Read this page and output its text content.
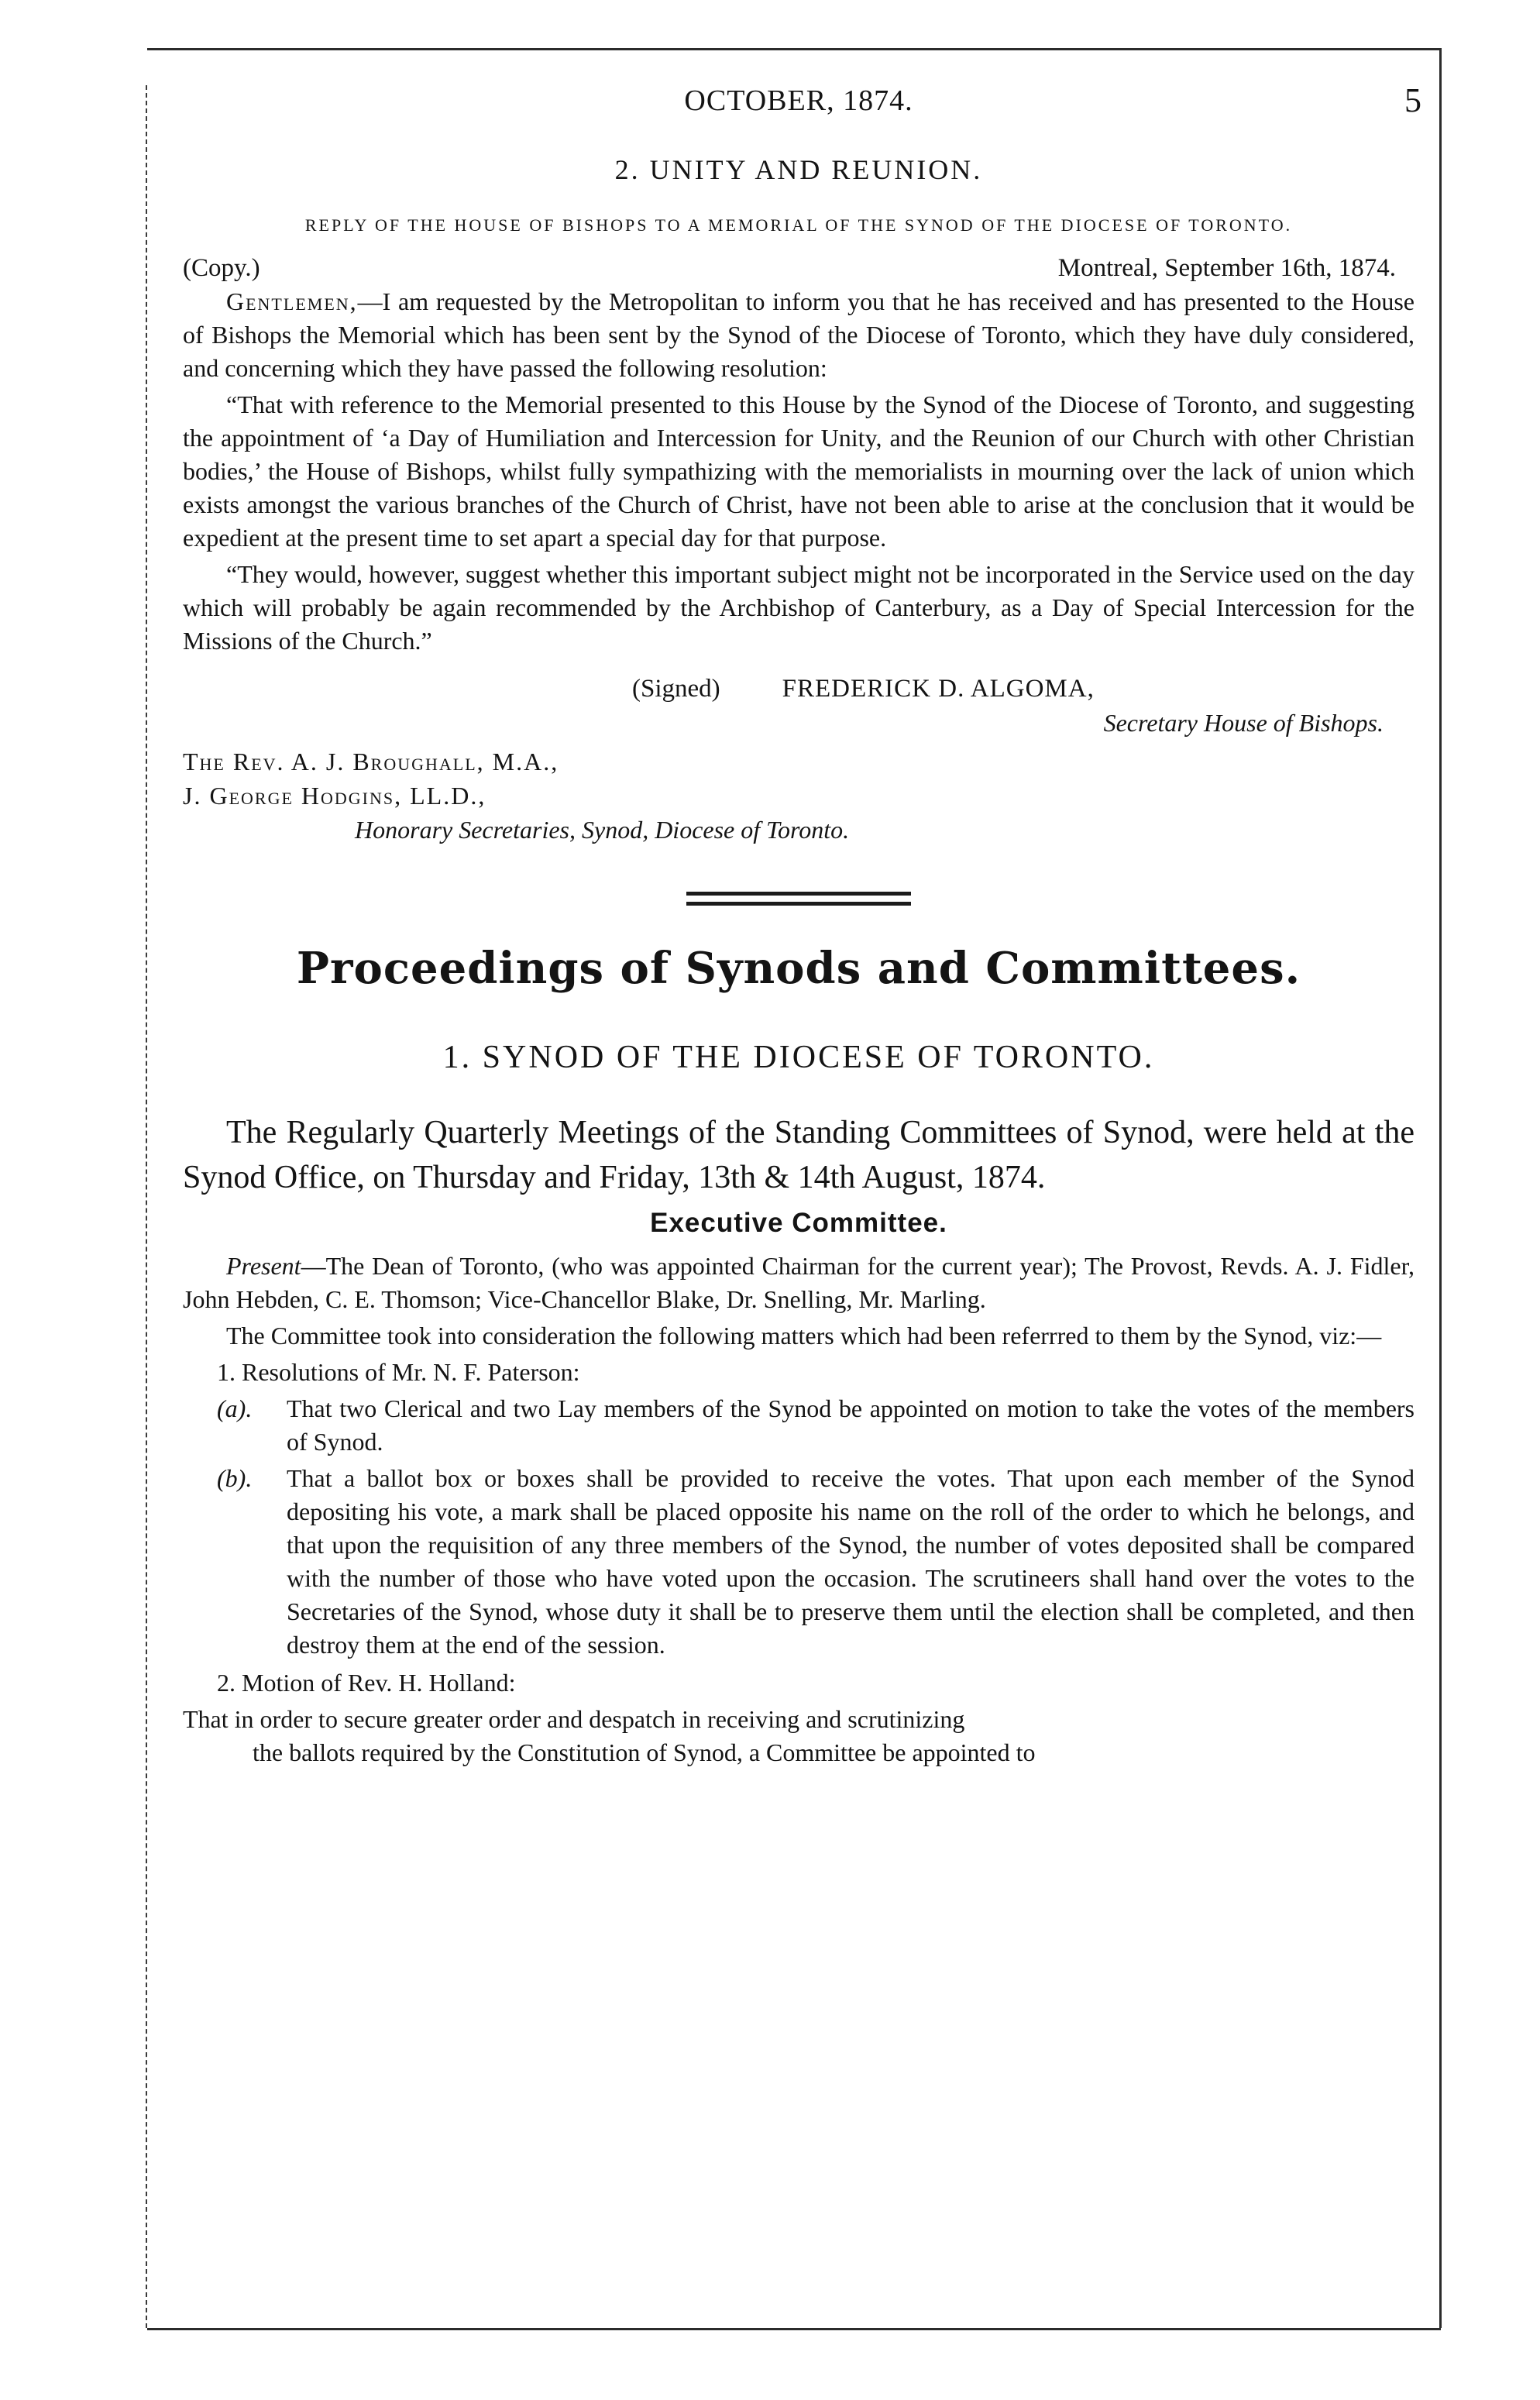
OCTOBER, 1874.	5
2. UNITY AND REUNION.
REPLY OF THE HOUSE OF BISHOPS TO A MEMORIAL OF THE SYNOD OF THE DIOCESE OF TORONTO.
(Copy.)	Montreal, September 16th, 1874.

Gentlemen,—I am requested by the Metropolitan to inform you that he has received and has presented to the House of Bishops the Memorial which has been sent by the Synod of the Diocese of Toronto, which they have duly considered, and concerning which they have passed the following resolution:

“That with reference to the Memorial presented to this House by the Synod of the Diocese of Toronto, and suggesting the appointment of ‘a Day of Humiliation and Intercession for Unity, and the Reunion of our Church with other Christian bodies,’ the House of Bishops, whilst fully sympathizing with the memorialists in mourning over the lack of union which exists amongst the various branches of the Church of Christ, have not been able to arise at the conclusion that it would be expedient at the present time to set apart a special day for that purpose.

“They would, however, suggest whether this important subject might not be incorporated in the Service used on the day which will probably be again recommended by the Archbishop of Canterbury, as a Day of Special Intercession for the Missions of the Church.”

(Signed) FREDERICK D. ALGOMA,
Secretary House of Bishops.
The Rev. A. J. Broughall, M.A.,
J. George Hodgins, LL.D.,
Honorary Secretaries, Synod, Diocese of Toronto.
Proceedings of Synods and Committees.
1. SYNOD OF THE DIOCESE OF TORONTO.

The Regularly Quarterly Meetings of the Standing Committees of Synod, were held at the Synod Office, on Thursday and Friday, 13th & 14th August, 1874.

Executive Committee.

Present—The Dean of Toronto, (who was appointed Chairman for the current year); The Provost, Revds. A. J. Fidler, John Hebden, C. E. Thomson; Vice-Chancellor Blake, Dr. Snelling, Mr. Marling.

The Committee took into consideration the following matters which had been referrred to them by the Synod, viz:—

1. Resolutions of Mr. N. F. Paterson:

(a). That two Clerical and two Lay members of the Synod be appointed on motion to take the votes of the members of Synod.

(b). That a ballot box or boxes shall be provided to receive the votes. That upon each member of the Synod depositing his vote, a mark shall be placed opposite his name on the roll of the order to which he belongs, and that upon the requisition of any three members of the Synod, the number of votes deposited shall be compared with the number of those who have voted upon the occasion. The scrutineers shall hand over the votes to the Secretaries of the Synod, whose duty it shall be to preserve them until the election shall be completed, and then destroy them at the end of the session.

2. Motion of Rev. H. Holland:
That in order to secure greater order and despatch in receiving and scrutinizing
the ballots required by the Constitution of Synod, a Committee be appointed to
